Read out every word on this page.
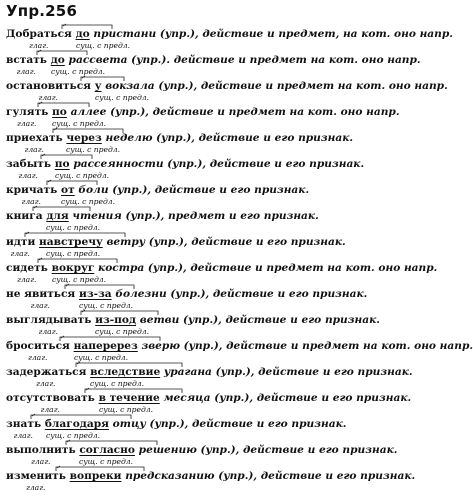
Упр.256
Добраться до пристани (упр.), действие и предмет, на кот. оно напр.
глаг.	сущ. с предл.
встать до рассвета (упр.). действие и предмет на кот. оно напр.
глаг. сущ. с предл.
остановиться у вокзала (упр.), действие и предмет на кот. оно напр.
глаг.	сущ. с предл.
гулять по аллее (упр.), действие и предмет на кот. оно напр.
глаг. сущ. с предл.
приехать через неделю (упр.), действие и его признак.
глаг.	сущ. с предл.
забыть по рассеянности (упр.), действие и его признак.
глаг. сущ. с предл.
кричать от боли (упр.), действие и его признак.
глаг.	сущ. с предл.
книга для чтения (упр.), предмет и его признак.
сущ. с предл.
идти навстречу ветру (упр.), действие и его признак.
глаг. сущ. с предл.
сидеть вокруг костра (упр.), действие и предмет на кот. оно напр.
глаг. сущ. с предл.
не явиться из-за болезни (упр.), действие и его признак.
глаг.	сущ. с предл.
выглядывать из-под ветви (упр.), действие и его признак.
глаг.	сущ. с предл.
броситься наперерез зверю (упр.), действие и предмет на кот. оно напр.
глаг.	сущ. с предл.
задержаться вследствие урагана (упр.), действие и его признак.
глаг.	сущ. с предл.
отсутствовать в течение месяца (упр.), действие и его признак.
глаг.	сущ. с предл.
знать благодаря отцу (упр.), действие и его признак.
глаг. сущ. с предл.
выполнить согласно решению (упр.), действие и его признак.
глаг.	сущ. с предл.
изменить вопреки предсказанию (упр.), действие и его признак.
глаг.
